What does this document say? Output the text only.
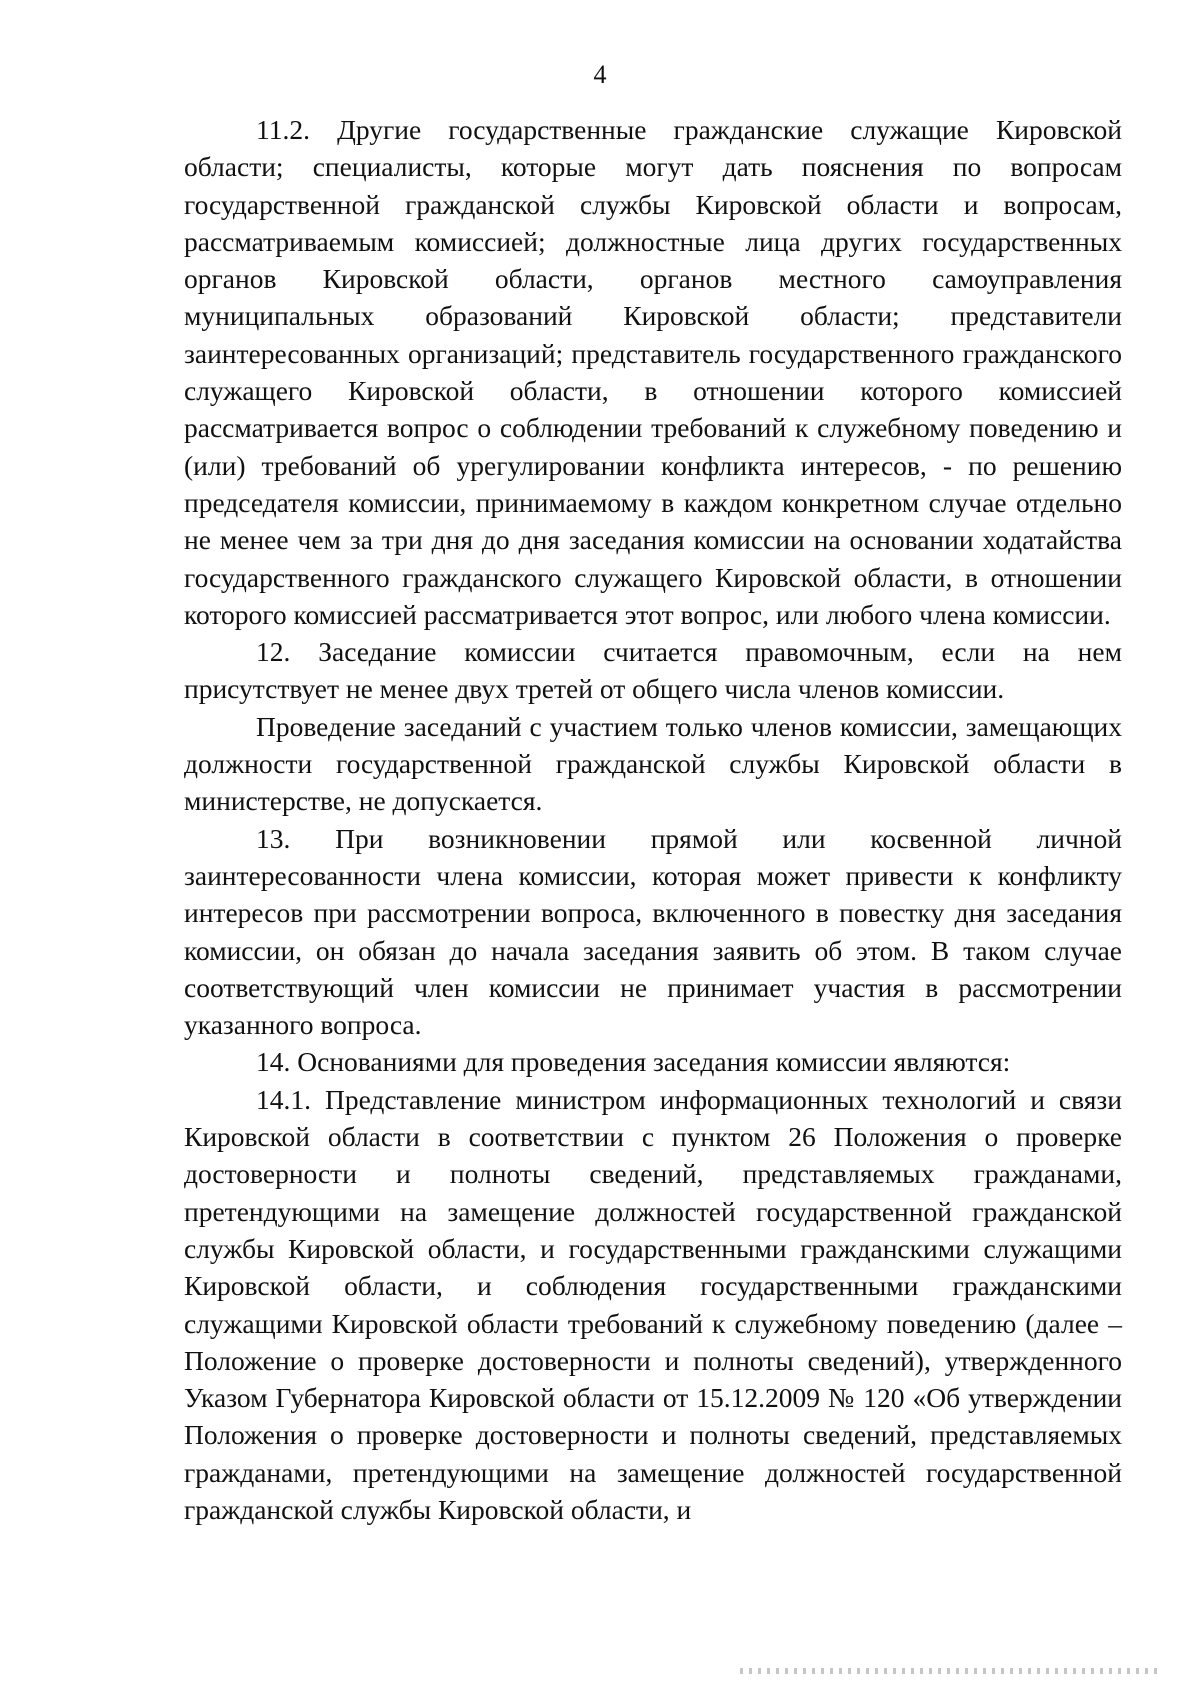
4

11.2. Другие государственные гражданские служащие Кировской области; специалисты, которые могут дать пояснения по вопросам государственной гражданской службы Кировской области и вопросам, рассматриваемым комиссией; должностные лица других государственных органов Кировской области, органов местного самоуправления муниципальных образований Кировской области; представители заинтересованных организаций; представитель государственного гражданского служащего Кировской области, в отношении которого комиссией рассматривается вопрос о соблюдении требований к служебному поведению и (или) требований об урегулировании конфликта интересов, - по решению председателя комиссии, принимаемому в каждом конкретном случае отдельно не менее чем за три дня до дня заседания комиссии на основании ходатайства государственного гражданского служащего Кировской области, в отношении которого комиссией рассматривается этот вопрос, или любого члена комиссии.

12. Заседание комиссии считается правомочным, если на нем присутствует не менее двух третей от общего числа членов комиссии.

Проведение заседаний с участием только членов комиссии, замещающих должности государственной гражданской службы Кировской области в министерстве, не допускается.

13. При возникновении прямой или косвенной личной заинтересованности члена комиссии, которая может привести к конфликту интересов при рассмотрении вопроса, включенного в повестку дня заседания комиссии, он обязан до начала заседания заявить об этом. В таком случае соответствующий член комиссии не принимает участия в рассмотрении указанного вопроса.

14. Основаниями для проведения заседания комиссии являются:

14.1. Представление министром информационных технологий и связи Кировской области в соответствии с пунктом 26 Положения о проверке достоверности и полноты сведений, представляемых гражданами, претендующими на замещение должностей государственной гражданской службы Кировской области, и государственными гражданскими служащими Кировской области, и соблюдения государственными гражданскими служащими Кировской области требований к служебному поведению (далее – Положение о проверке достоверности и полноты сведений), утвержденного Указом Губернатора Кировской области от 15.12.2009 № 120 «Об утверждении Положения о проверке достоверности и полноты сведений, представляемых гражданами, претендующими на замещение должностей государственной гражданской службы Кировской области, и
